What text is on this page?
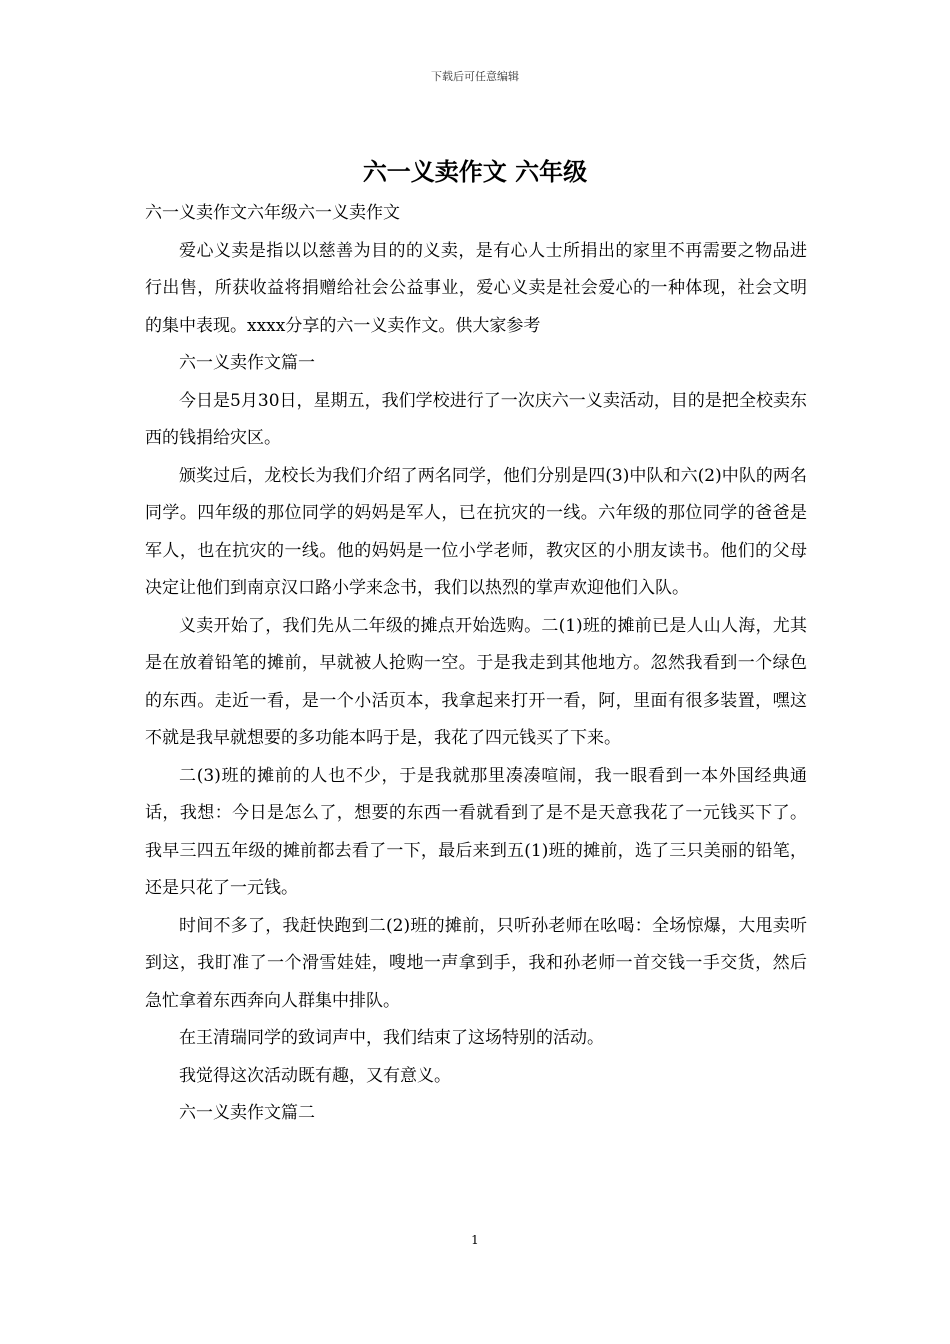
下载后可任意编辑
六一义卖作文 六年级

六一义卖作文六年级六一义卖作文

爱心义卖是指以以慈善为目的的义卖，是有心人士所捐出的家里不再需要之物品进行出售，所获收益将捐赠给社会公益事业，爱心义卖是社会爱心的一种体现，社会文明的集中表现。xxxx分享的六一义卖作文。供大家参考

六一义卖作文篇一

今日是5月30日，星期五，我们学校进行了一次庆六一义卖活动，目的是把全校卖东西的钱捐给灾区。

颁奖过后，龙校长为我们介绍了两名同学，他们分别是四(3)中队和六(2)中队的两名同学。四年级的那位同学的妈妈是军人，已在抗灾的一线。六年级的那位同学的爸爸是军人，也在抗灾的一线。他的妈妈是一位小学老师，教灾区的小朋友读书。他们的父母决定让他们到南京汉口路小学来念书，我们以热烈的掌声欢迎他们入队。

义卖开始了，我们先从二年级的摊点开始选购。二(1)班的摊前已是人山人海，尤其是在放着铅笔的摊前，早就被人抢购一空。于是我走到其他地方。忽然我看到一个绿色的东西。走近一看，是一个小活页本，我拿起来打开一看，阿，里面有很多装置，嘿这不就是我早就想要的多功能本吗于是，我花了四元钱买了下来。

二(3)班的摊前的人也不少，于是我就那里凑凑喧闹，我一眼看到一本外国经典通话，我想：今日是怎么了，想要的东西一看就看到了是不是天意我花了一元钱买下了。我早三四五年级的摊前都去看了一下，最后来到五(1)班的摊前，选了三只美丽的铅笔，还是只花了一元钱。

时间不多了，我赶快跑到二(2)班的摊前，只听孙老师在吆喝：全场惊爆，大甩卖听到这，我盯准了一个滑雪娃娃，嗖地一声拿到手，我和孙老师一首交钱一手交货，然后急忙拿着东西奔向人群集中排队。

在王清瑞同学的致词声中，我们结束了这场特别的活动。

我觉得这次活动既有趣，又有意义。

六一义卖作文篇二

1
